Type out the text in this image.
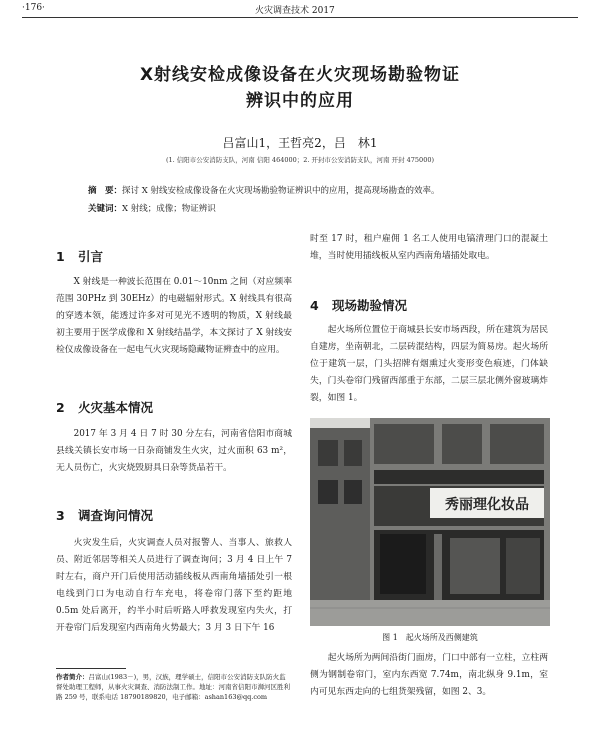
·176·	火灾调查技术 2017
X射线安检成像设备在火灾现场勘验物证
辨识中的应用
吕富山1，王哲亮2，吕　林1
(1. 信阳市公安消防支队，河南 信阳 464000；2. 开封市公安消防支队，河南 开封 475000)
摘　要：探讨 X 射线安检成像设备在火灾现场勘验物证辨识中的应用，提高现场勘查的效率。
关键词：X 射线；成像；物证辨识
1 引言
X 射线是一种波长范围在 0.01～10nm 之间（对应频率范围 30PHz 到 30EHz）的电磁辐射形式。X 射线具有很高的穿透本领，能透过许多对可见光不透明的物质，X 射线最初主要用于医学成像和 X 射线结晶学，本文探讨了 X 射线安检仪成像设备在一起电气火灾现场隐藏物证辨查中的应用。
2 火灾基本情况
2017 年 3 月 4 日 7 时 30 分左右，河南省信阳市商城县线关镇长安市场一日杂商铺发生火灾，过火面积 63 m²，无人员伤亡，火灾烧毁厨具日杂等货品若干。
3 调查询问情况
火灾发生后，火灾调查人员对报警人、当事人、旅救人员、附近邻居等相关人员进行了调查询问；3 月 4 日上午 7 时左右，商户开门后使用活动插线板从西南角墙插处引一根电线到门口为电动自行车充电，将卷帘门落下至约距地 0.5m 处后离开，约半小时后听路人呼救发现室内失火，打开卷帘门后发现室内西南角火势最大；3 月 3 日下午 16
作者简介：吕富山(1983－)，男，汉族，理学硕士，信阳市公安消防支队防火监督处助理工程师，从事火灾调查、消防法制工作。地址：河南省信阳市浉河区胜利路 259 号，联系电话 18790189820，电子邮箱：ashan163@qq.com
时至 17 时，租户雇佣 1 名工人使用电镐清理门口的混凝土堆，当时使用插线板从室内西南角墙插处取电。
4 现场勘验情况
起火场所位置位于商城县长安市场西段，所在建筑为居民自建房，坐南朝北，二层砖混结构，四层为简易房。起火场所位于建筑一层，门头招牌有烟熏过火变形变色痕迹，门体缺失，门头卷帘门残留西部重于东部，二层三层北侧外窗玻璃炸裂，如图 1。
秀丽理化妆品
图 1　起火场所及西侧建筑
起火场所为两间沿街门面房，门口中部有一立柱，立柱两侧为钢制卷帘门，室内东西宽 7.74m，南北纵身 9.1m，室内可见东西走向的七组货架残留，如图 2、3。
